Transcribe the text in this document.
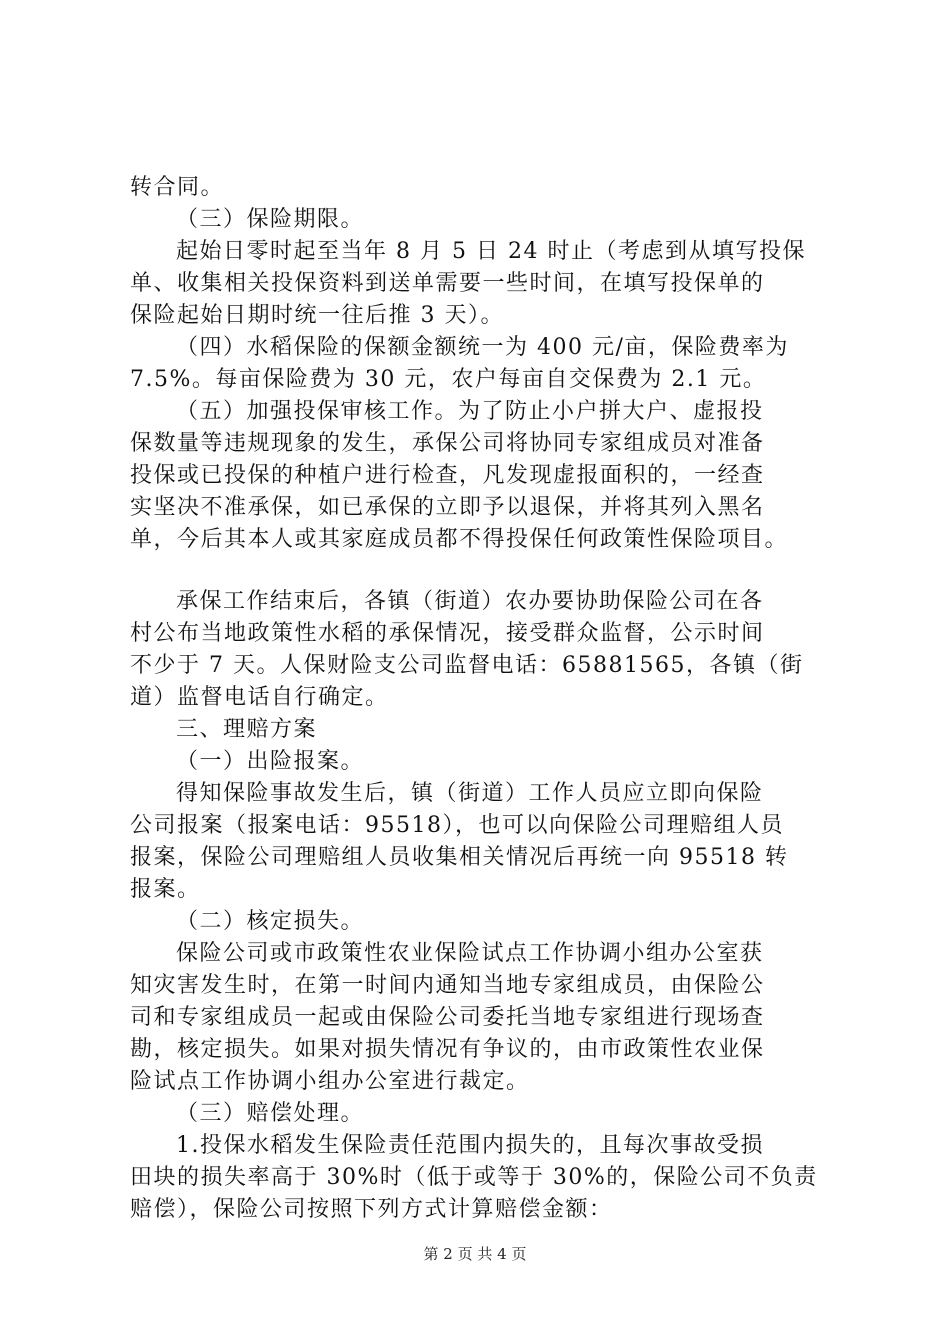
转合同。
（三）保险期限。
起始日零时起至当年 8 月 5 日 24 时止（考虑到从填写投保
单、收集相关投保资料到送单需要一些时间，在填写投保单的
保险起始日期时统一往后推 3 天）。
（四）水稻保险的保额金额统一为 400 元/亩，保险费率为
7.5%。每亩保险费为 30 元，农户每亩自交保费为 2.1 元。
（五）加强投保审核工作。为了防止小户拼大户、虚报投
保数量等违规现象的发生，承保公司将协同专家组成员对准备
投保或已投保的种植户进行检查，凡发现虚报面积的，一经查
实坚决不准承保，如已承保的立即予以退保，并将其列入黑名
单，今后其本人或其家庭成员都不得投保任何政策性保险项目。
承保工作结束后，各镇（街道）农办要协助保险公司在各
村公布当地政策性水稻的承保情况，接受群众监督，公示时间
不少于 7 天。人保财险支公司监督电话：65881565，各镇（街
道）监督电话自行确定。
三、理赔方案
（一）出险报案。
得知保险事故发生后，镇（街道）工作人员应立即向保险
公司报案（报案电话：95518），也可以向保险公司理赔组人员
报案，保险公司理赔组人员收集相关情况后再统一向 95518 转
报案。
（二）核定损失。
保险公司或市政策性农业保险试点工作协调小组办公室获
知灾害发生时，在第一时间内通知当地专家组成员，由保险公
司和专家组成员一起或由保险公司委托当地专家组进行现场查
勘，核定损失。如果对损失情况有争议的，由市政策性农业保
险试点工作协调小组办公室进行裁定。
（三）赔偿处理。
1.投保水稻发生保险责任范围内损失的，且每次事故受损
田块的损失率高于 30%时（低于或等于 30%的，保险公司不负责
赔偿），保险公司按照下列方式计算赔偿金额：
第 2 页 共 4 页
